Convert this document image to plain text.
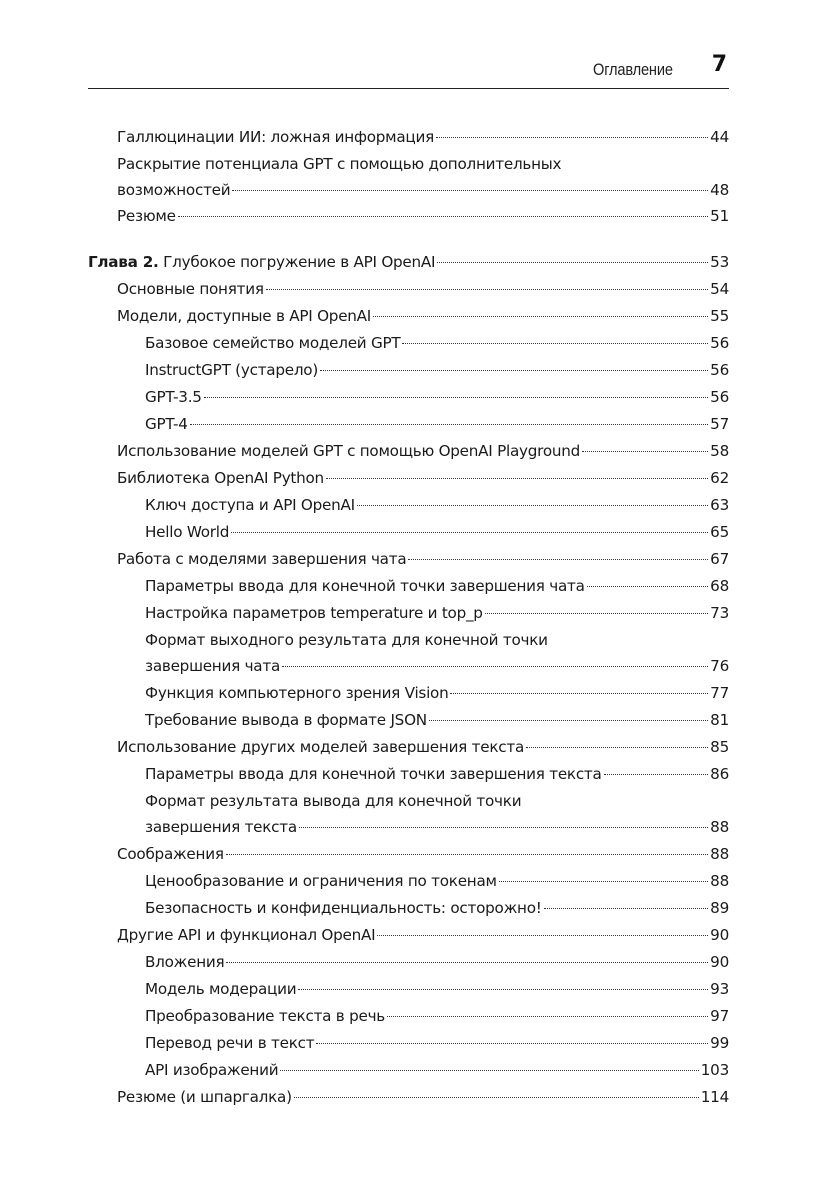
Оглавление 7
Галлюцинации ИИ: ложная информация	44
Раскрытие потенциала GPT с помощью дополнительных
возможностей	48
Резюме	51
Глава 2. Глубокое погружение в API OpenAI	53
Основные понятия	54
Модели, доступные в API OpenAI	55
Базовое семейство моделей GPT	56
InstructGPT (устарело)	56
GPT-3.5	56
GPT-4	57
Использование моделей GPT с помощью OpenAI Playground	58
Библиотека OpenAI Python	62
Ключ доступа и API OpenAI	63
Hello World	65
Работа с моделями завершения чата	67
Параметры ввода для конечной точки завершения чата	68
Настройка параметров temperature и top_p	73
Формат выходного результата для конечной точки
завершения чата	76
Функция компьютерного зрения Vision	77
Требование вывода в формате JSON	81
Использование других моделей завершения текста	85
Параметры ввода для конечной точки завершения текста	86
Формат результата вывода для конечной точки
завершения текста	88
Соображения	88
Ценообразование и ограничения по токенам	88
Безопасность и конфиденциальность: осторожно!	89
Другие API и функционал OpenAI	90
Вложения	90
Модель модерации	93
Преобразование текста в речь	97
Перевод речи в текст	99
API изображений	103
Резюме (и шпаргалка)	114
